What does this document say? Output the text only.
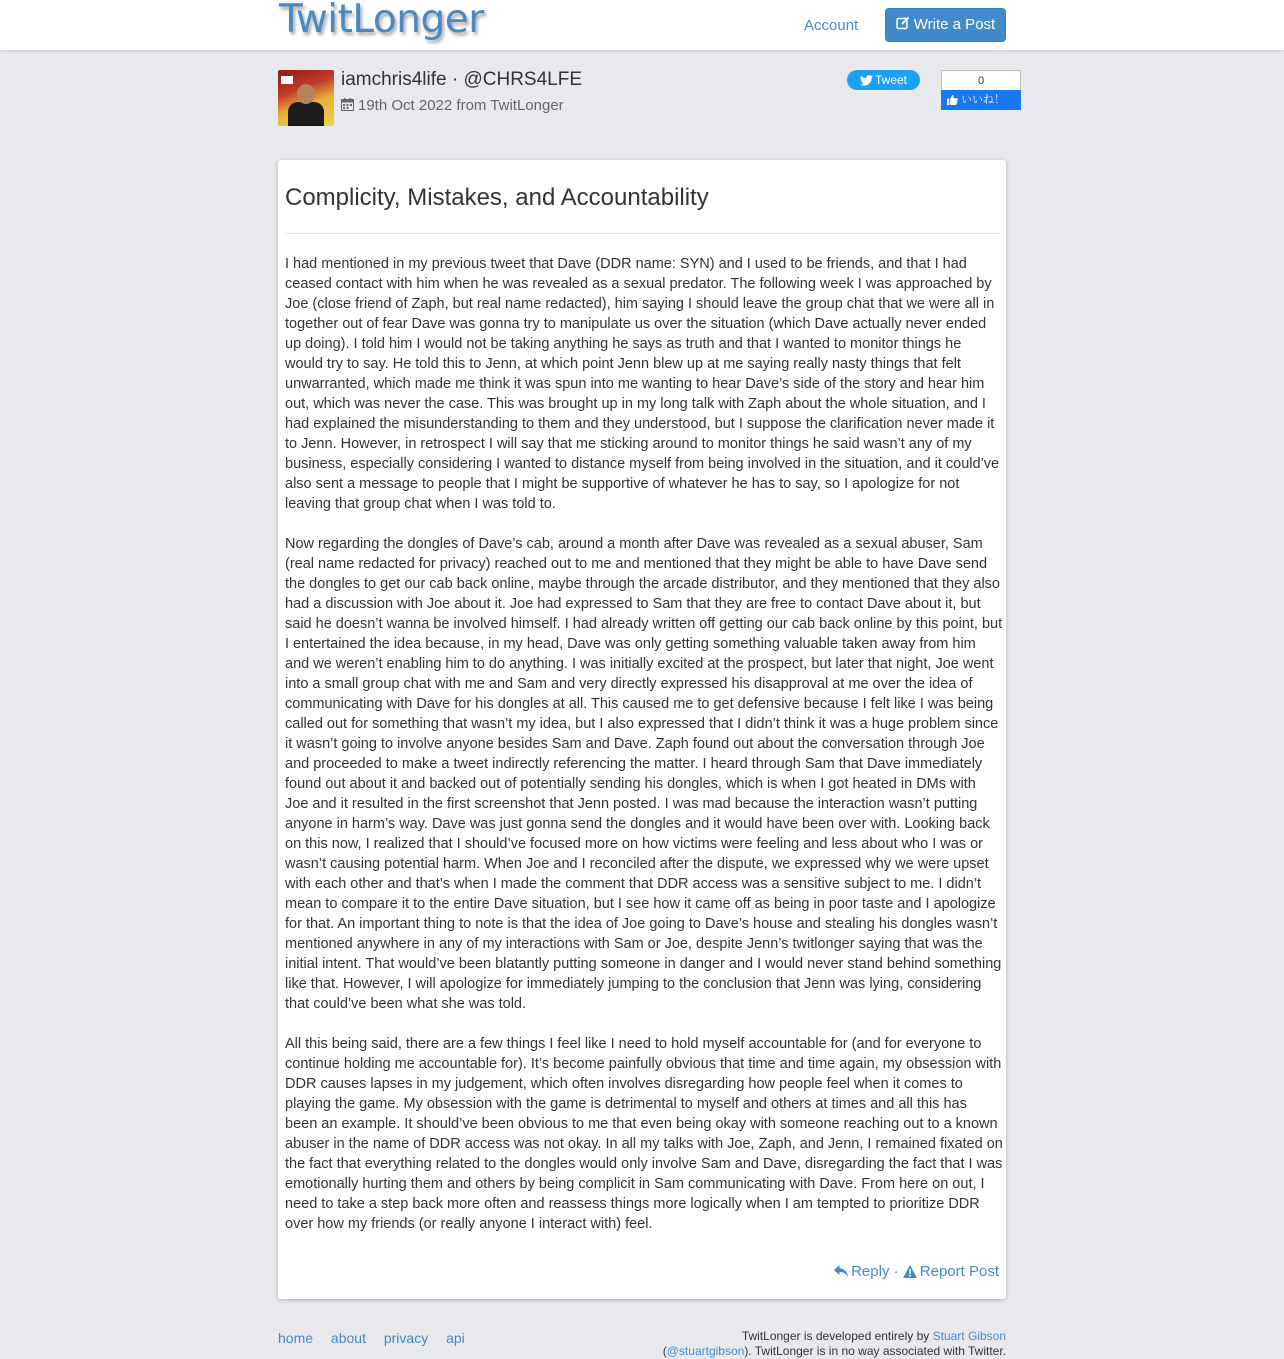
TwitLonger	Account	Write a Post
iamchris4life · @CHRS4LFE
19th Oct 2022 from TwitLonger
Tweet	0
いいね！
Complicity, Mistakes, and Accountability

I had mentioned in my previous tweet that Dave (DDR name: SYN) and I used to be friends, and that I had ceased contact with him when he was revealed as a sexual predator. The following week I was approached by Joe (close friend of Zaph, but real name redacted), him saying I should leave the group chat that we were all in together out of fear Dave was gonna try to manipulate us over the situation (which Dave actually never ended up doing). I told him I would not be taking anything he says as truth and that I wanted to monitor things he would try to say. He told this to Jenn, at which point Jenn blew up at me saying really nasty things that felt unwarranted, which made me think it was spun into me wanting to hear Dave’s side of the story and hear him out, which was never the case. This was brought up in my long talk with Zaph about the whole situation, and I had explained the misunderstanding to them and they understood, but I suppose the clarification never made it to Jenn. However, in retrospect I will say that me sticking around to monitor things he said wasn’t any of my business, especially considering I wanted to distance myself from being involved in the situation, and it could’ve also sent a message to people that I might be supportive of whatever he has to say, so I apologize for not leaving that group chat when I was told to.

Now regarding the dongles of Dave’s cab, around a month after Dave was revealed as a sexual abuser, Sam (real name redacted for privacy) reached out to me and mentioned that they might be able to have Dave send the dongles to get our cab back online, maybe through the arcade distributor, and they mentioned that they also had a discussion with Joe about it. Joe had expressed to Sam that they are free to contact Dave about it, but said he doesn’t wanna be involved himself. I had already written off getting our cab back online by this point, but I entertained the idea because, in my head, Dave was only getting something valuable taken away from him and we weren’t enabling him to do anything. I was initially excited at the prospect, but later that night, Joe went into a small group chat with me and Sam and very directly expressed his disapproval at me over the idea of communicating with Dave for his dongles at all. This caused me to get defensive because I felt like I was being called out for something that wasn’t my idea, but I also expressed that I didn’t think it was a huge problem since it wasn’t going to involve anyone besides Sam and Dave. Zaph found out about the conversation through Joe and proceeded to make a tweet indirectly referencing the matter. I heard through Sam that Dave immediately found out about it and backed out of potentially sending his dongles, which is when I got heated in DMs with Joe and it resulted in the first screenshot that Jenn posted. I was mad because the interaction wasn’t putting anyone in harm’s way. Dave was just gonna send the dongles and it would have been over with. Looking back on this now, I realized that I should’ve focused more on how victims were feeling and less about who I was or wasn’t causing potential harm. When Joe and I reconciled after the dispute, we expressed why we were upset with each other and that’s when I made the comment that DDR access was a sensitive subject to me. I didn’t mean to compare it to the entire Dave situation, but I see how it came off as being in poor taste and I apologize for that. An important thing to note is that the idea of Joe going to Dave’s house and stealing his dongles wasn’t mentioned anywhere in any of my interactions with Sam or Joe, despite Jenn’s twitlonger saying that was the initial intent. That would’ve been blatantly putting someone in danger and I would never stand behind something like that. However, I will apologize for immediately jumping to the conclusion that Jenn was lying, considering that could’ve been what she was told.

All this being said, there are a few things I feel like I need to hold myself accountable for (and for everyone to continue holding me accountable for). It’s become painfully obvious that time and time again, my obsession with DDR causes lapses in my judgement, which often involves disregarding how people feel when it comes to playing the game. My obsession with the game is detrimental to myself and others at times and all this has been an example. It should’ve been obvious to me that even being okay with someone reaching out to a known abuser in the name of DDR access was not okay. In all my talks with Joe, Zaph, and Jenn, I remained fixated on the fact that everything related to the dongles would only involve Sam and Dave, disregarding the fact that I was emotionally hurting them and others by being complicit in Sam communicating with Dave. From here on out, I need to take a step back more often and reassess things more logically when I am tempted to prioritize DDR over how my friends (or really anyone I interact with) feel.

Reply · Report Post
home about privacy api	TwitLonger is developed entirely by Stuart Gibson
(@stuartgibson). TwitLonger is in no way associated with Twitter.
